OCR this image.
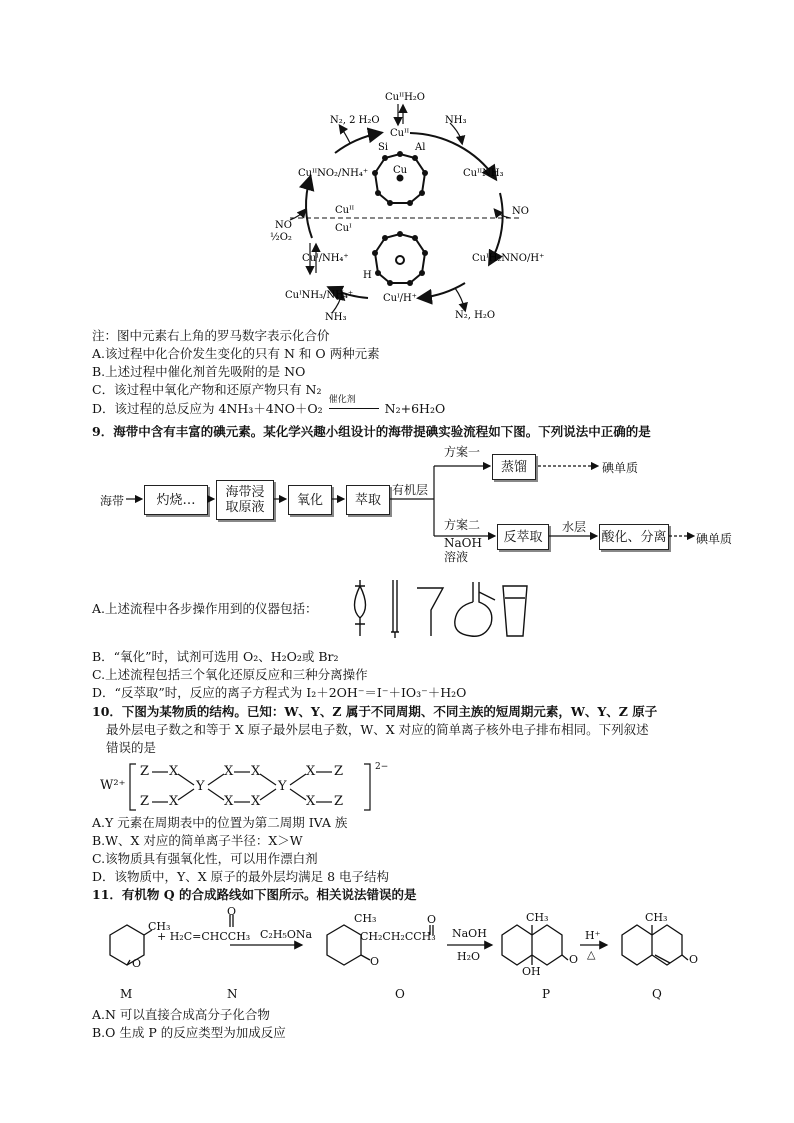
CuᴵᴵH₂O
Cuᴵᴵ
N₂, 2 H₂O	NH₃
CuᴵᴵNO₂/NH₄⁺	CuᴵᴵNH₃
NO
½O₂
NO
Cuᴵᴵ
Cuᴵ
Cuᴵ/NH₄⁺	CuᴵH₂NNO/H⁺
CuᴵNH₃/NH₄⁺	Cuᴵ/H⁺
NH₃	N₂, H₂O
Si	Al
Cu
H
注：图中元素右上角的罗马数字表示化合价
A.该过程中化合价发生变化的只有 N 和 O 两种元素
B.上述过程中催化剂首先吸附的是 NO
C．该过程中氧化产物和还原产物只有 N₂
D．该过程的总反应为 4NH₃＋4NO＋O₂
催化剂
N₂+6H₂O
9．海带中含有丰富的碘元素。某化学兴趣小组设计的海带提碘实验流程如下图。下列说法中正确的是
海带	灼烧…	海带浸
取原液	氧化	萃取
有机层
方案一
蒸馏	碘单质
方案二
NaOH
溶液
反萃取
水层
酸化、分离 碘单质
A.上述流程中各步操作用到的仪器包括：
B．“氧化”时，试剂可选用 O₂、H₂O₂或 Br₂
C.上述流程包括三个氧化还原反应和三种分离操作
D．“反萃取”时，反应的离子方程式为 I₂＋2OH⁻＝I⁻＋IO₃⁻＋H₂O
10．下图为某物质的结构。已知：W、Y、Z 属于不同周期、不同主族的短周期元素，W、Y、Z 原子
最外层电子数之和等于 X 原子最外层电子数，W、X 对应的简单离子核外电子排布相同。下列叙述
错误的是
W²⁺
2−
Z
Z
X
X
Y
X
X
X
X
Y
X
X
Z
Z
A.Y 元素在周期表中的位置为第二周期 IVA 族
B.W、X 对应的简单离子半径：X＞W
C.该物质具有强氧化性，可以用作漂白剂
D．该物质中，Y、X 原子的最外层均满足 8 电子结构
11．有机物 Q 的合成路线如下图所示。相关说法错误的是
CH₃
O
O
+ H₂C=CHCCH₃ C₂H₅ONa
CH₃	O
CH₂CH₂CCH₃
O
NaOH
H₂O
CH₃
O
OH
H⁺
△
CH₃
O
M	N	O	P	Q
A.N 可以直接合成高分子化合物
B.O 生成 P 的反应类型为加成反应
